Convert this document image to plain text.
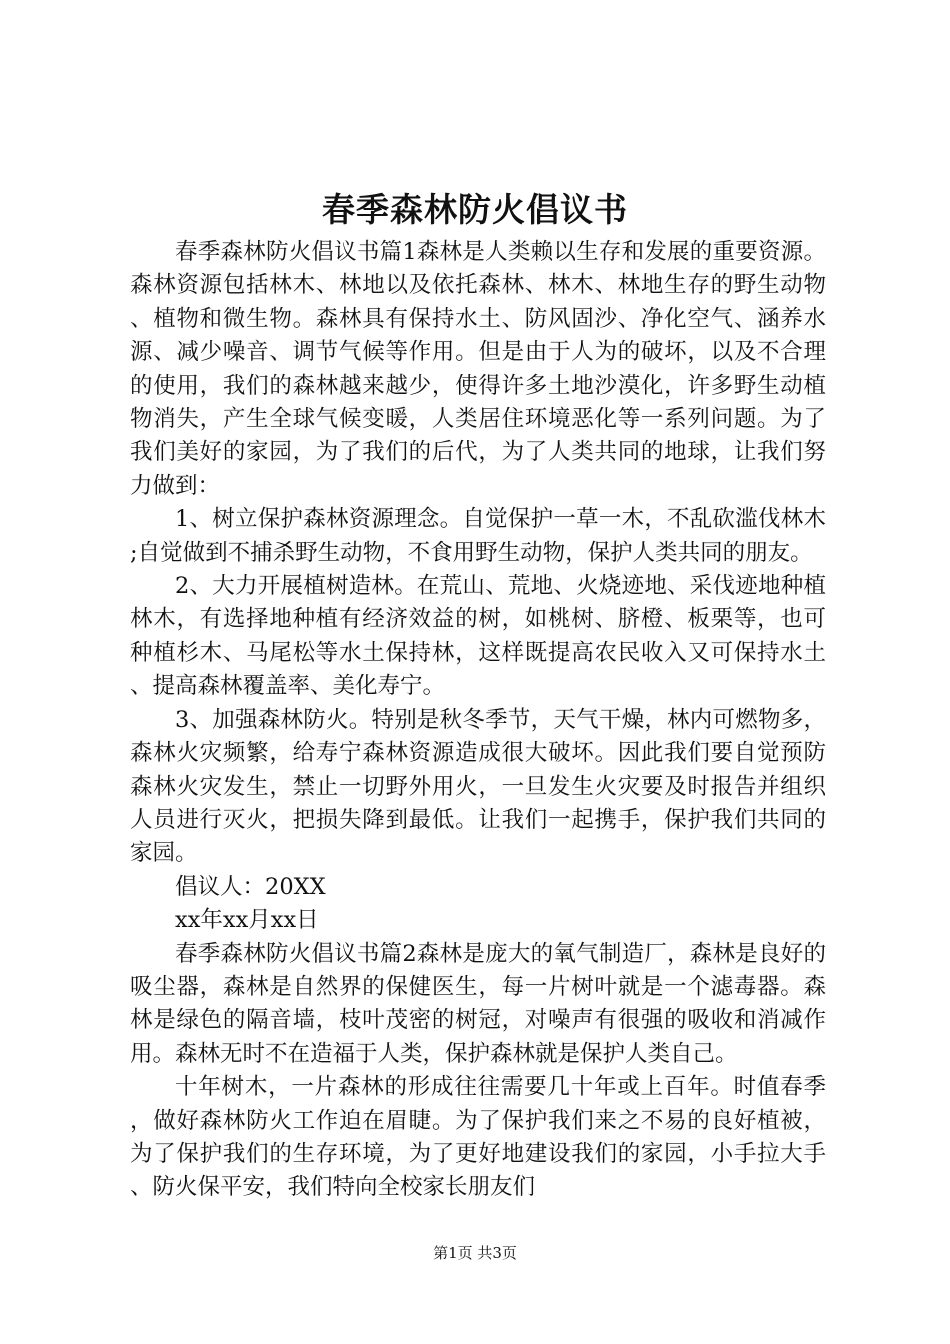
春季森林防火倡议书

春季森林防火倡议书篇1森林是人类赖以生存和发展的重要资源。森林资源包括林木、林地以及依托森林、林木、林地生存的野生动物、植物和微生物。森林具有保持水土、防风固沙、净化空气、涵养水源、减少噪音、调节气候等作用。但是由于人为的破坏，以及不合理的使用，我们的森林越来越少，使得许多土地沙漠化，许多野生动植物消失，产生全球气候变暖，人类居住环境恶化等一系列问题。为了我们美好的家园，为了我们的后代，为了人类共同的地球，让我们努力做到：

1、树立保护森林资源理念。自觉保护一草一木，不乱砍滥伐林木;自觉做到不捕杀野生动物，不食用野生动物，保护人类共同的朋友。

2、大力开展植树造林。在荒山、荒地、火烧迹地、采伐迹地种植林木，有选择地种植有经济效益的树，如桃树、脐橙、板栗等，也可种植杉木、马尾松等水土保持林，这样既提高农民收入又可保持水土、提高森林覆盖率、美化寿宁。

3、加强森林防火。特别是秋冬季节，天气干燥，林内可燃物多，森林火灾频繁，给寿宁森林资源造成很大破坏。因此我们要自觉预防森林火灾发生，禁止一切野外用火，一旦发生火灾要及时报告并组织人员进行灭火，把损失降到最低。让我们一起携手，保护我们共同的家园。

倡议人：20XX

xx年xx月xx日

春季森林防火倡议书篇2森林是庞大的氧气制造厂，森林是良好的吸尘器，森林是自然界的保健医生，每一片树叶就是一个滤毒器。森林是绿色的隔音墙，枝叶茂密的树冠，对噪声有很强的吸收和消减作用。森林无时不在造福于人类，保护森林就是保护人类自己。

十年树木，一片森林的形成往往需要几十年或上百年。时值春季，做好森林防火工作迫在眉睫。为了保护我们来之不易的良好植被，为了保护我们的生存环境，为了更好地建设我们的家园，小手拉大手、防火保平安，我们特向全校家长朋友们

第1页 共3页
